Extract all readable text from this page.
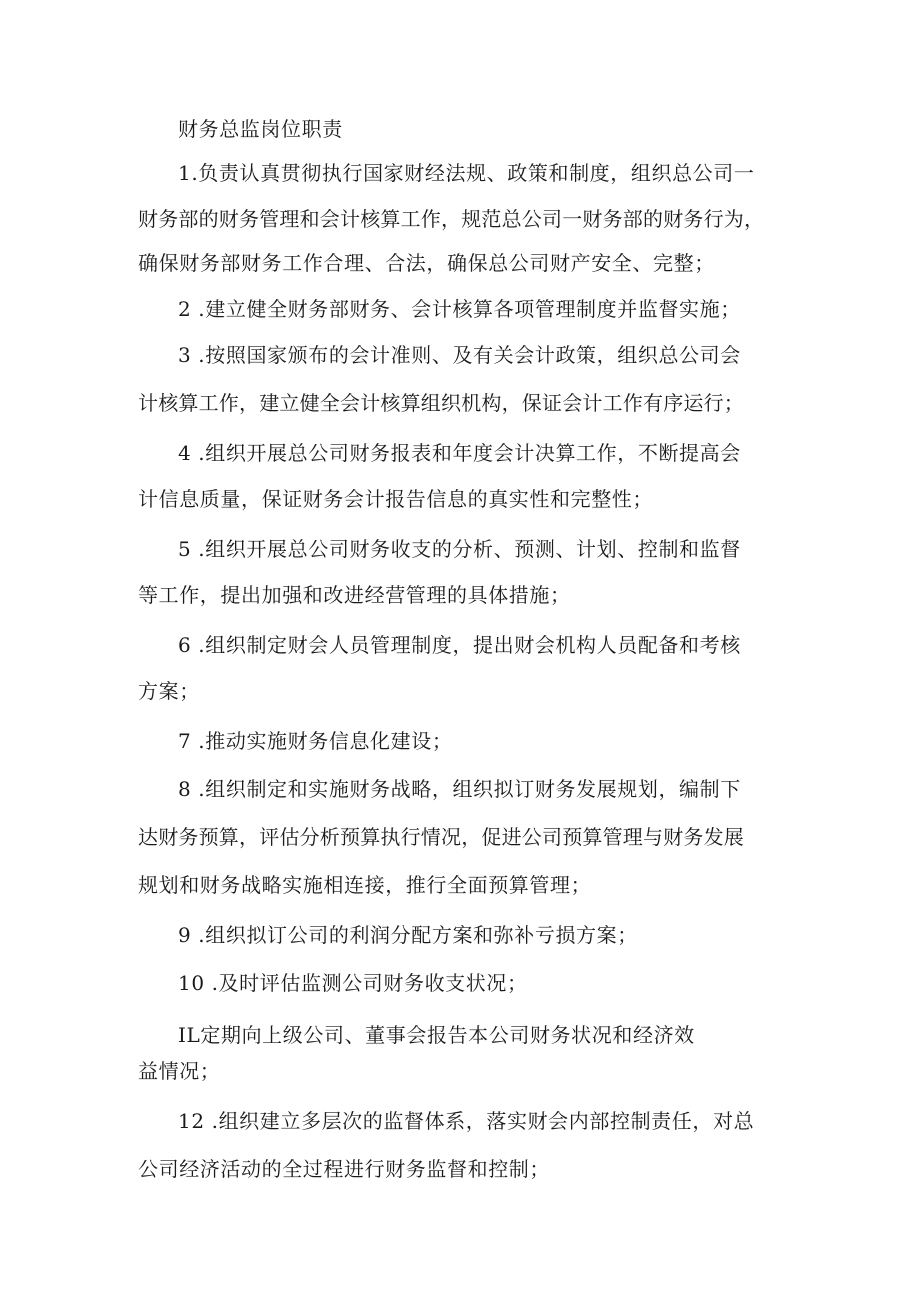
财务总监岗位职责
1.负责认真贯彻执行国家财经法规、政策和制度，组织总公司一
财务部的财务管理和会计核算工作，规范总公司一财务部的财务行为，
确保财务部财务工作合理、合法，确保总公司财产安全、完整；
2 .建立健全财务部财务、会计核算各项管理制度并监督实施；
3 .按照国家颁布的会计准则、及有关会计政策，组织总公司会
计核算工作，建立健全会计核算组织机构，保证会计工作有序运行；
4 .组织开展总公司财务报表和年度会计决算工作，不断提高会
计信息质量，保证财务会计报告信息的真实性和完整性；
5 .组织开展总公司财务收支的分析、预测、计划、控制和监督
等工作，提出加强和改进经营管理的具体措施；
6 .组织制定财会人员管理制度，提出财会机构人员配备和考核
方案；
7 .推动实施财务信息化建设；
8 .组织制定和实施财务战略，组织拟订财务发展规划，编制下
达财务预算，评估分析预算执行情况，促进公司预算管理与财务发展
规划和财务战略实施相连接，推行全面预算管理；
9 .组织拟订公司的利润分配方案和弥补亏损方案；
10 .及时评估监测公司财务收支状况；
IL定期向上级公司、董事会报告本公司财务状况和经济效
益情况；
12 .组织建立多层次的监督体系，落实财会内部控制责任，对总
公司经济活动的全过程进行财务监督和控制；
